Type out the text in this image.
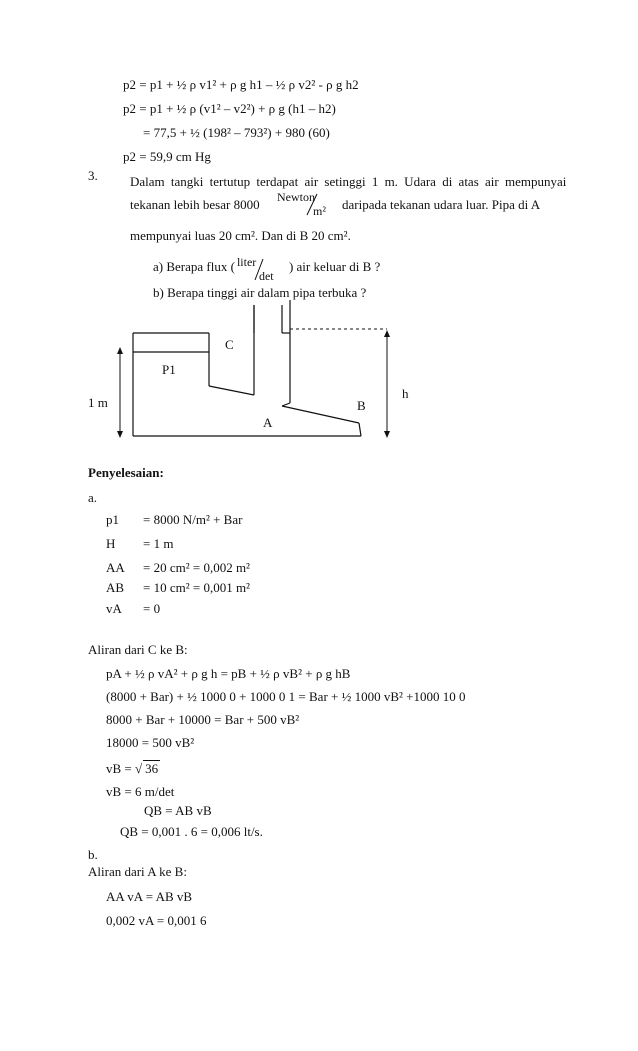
p2 = p1 + ½ ρ v1² + ρ g h1 – ½ ρ v2² - ρ g h2
p2 = p1 + ½ ρ (v1² – v2²) + ρ g (h1 – h2)
= 77,5 + ½ (198² – 793²) + 980 (60)
p2 = 59,9 cm Hg
3. Dalam tangki tertutup terdapat air setinggi 1 m. Udara di atas air mempunyai
tekanan lebih besar 8000 Newton
m² daripada tekanan udara luar. Pipa di A
mempunyai luas 20 cm². Dan di B 20 cm².
a) Berapa flux ( liter
det
) air keluar di B ?
b) Berapa tinggi air dalam pipa terbuka ?
C
P1
1 m	B
h
A
Penyelesaian:
a.
p1 = 8000 N/m² + Bar
H = 1 m
AA = 20 cm² = 0,002 m²
AB = 10 cm² = 0,001 m²
vA = 0
Aliran dari C ke B:
pA + ½ ρ vA² + ρ g h = pB + ½ ρ vB² + ρ g hB
(8000 + Bar) + ½ 1000 0 + 1000 0 1 = Bar + ½ 1000 vB² +1000 10 0
8000 + Bar + 10000 = Bar + 500 vB²
18000 = 500 vB²
vB = √ 36
vB = 6 m/det
QB = AB vB
QB = 0,001 . 6 = 0,006 lt/s.
b.
Aliran dari A ke B:
AA vA = AB vB
0,002 vA = 0,001 6
